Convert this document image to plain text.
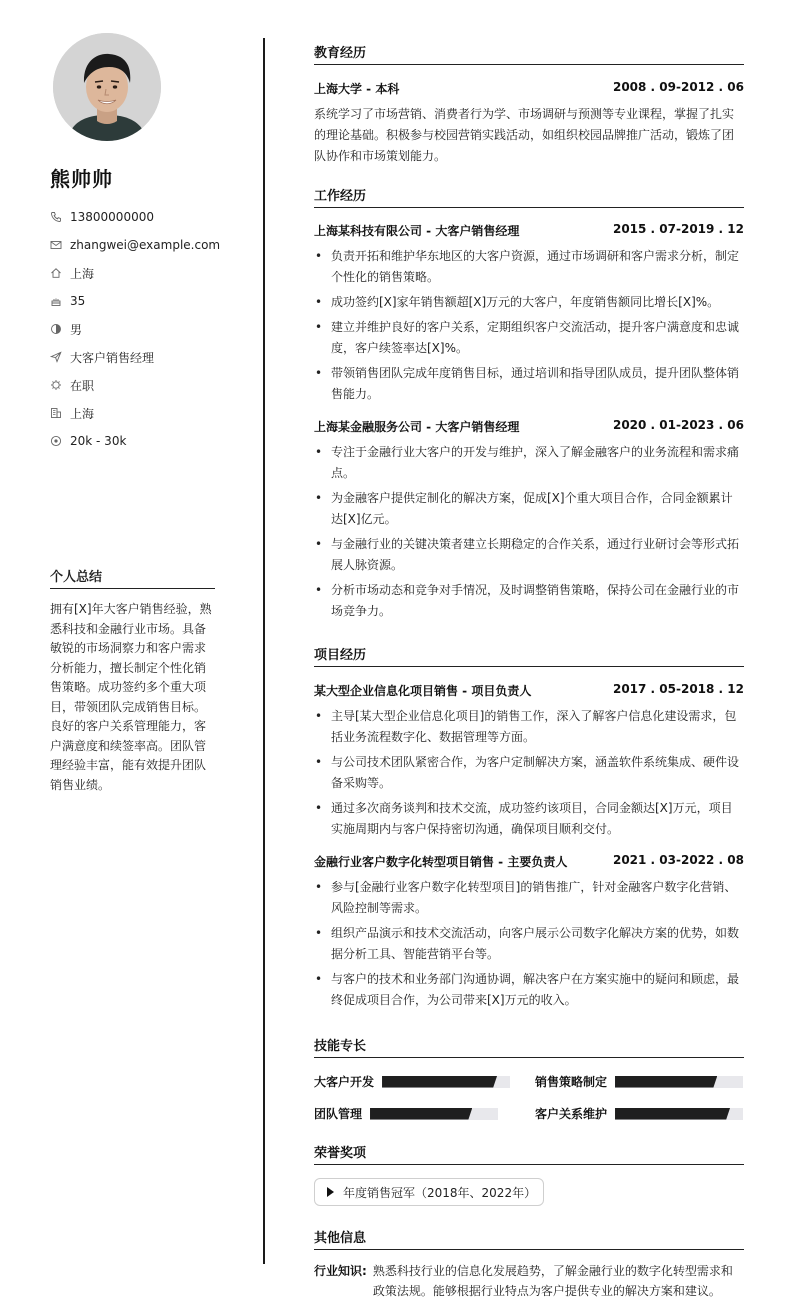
熊帅帅
13800000000
zhangwei@example.com
上海
35
男
大客户销售经理
在职
上海
20k - 30k
个人总结
拥有[X]年大客户销售经验，熟悉科技和金融行业市场。具备敏锐的市场洞察力和客户需求分析能力，擅长制定个性化销售策略。成功签约多个重大项目，带领团队完成销售目标。良好的客户关系管理能力，客户满意度和续签率高。团队管理经验丰富，能有效提升团队销售业绩。
教育经历
上海大学 - 本科	2008 . 09-2012 . 06
系统学习了市场营销、消费者行为学、市场调研与预测等专业课程，掌握了扎实的理论基础。积极参与校园营销实践活动，如组织校园品牌推广活动，锻炼了团队协作和市场策划能力。
工作经历
上海某科技有限公司 - 大客户销售经理	2015 . 07-2019 . 12
• 负责开拓和维护华东地区的大客户资源，通过市场调研和客户需求分析，制定个性化的销售策略。
• 成功签约[X]家年销售额超[X]万元的大客户，年度销售额同比增长[X]%。
• 建立并维护良好的客户关系，定期组织客户交流活动，提升客户满意度和忠诚度，客户续签率达[X]%。
• 带领销售团队完成年度销售目标，通过培训和指导团队成员，提升团队整体销售能力。
上海某金融服务公司 - 大客户销售经理	2020 . 01-2023 . 06
• 专注于金融行业大客户的开发与维护，深入了解金融客户的业务流程和需求痛点。
• 为金融客户提供定制化的解决方案，促成[X]个重大项目合作，合同金额累计达[X]亿元。
• 与金融行业的关键决策者建立长期稳定的合作关系，通过行业研讨会等形式拓展人脉资源。
• 分析市场动态和竞争对手情况，及时调整销售策略，保持公司在金融行业的市场竞争力。
项目经历
某大型企业信息化项目销售 - 项目负责人	2017 . 05-2018 . 12
• 主导[某大型企业信息化项目]的销售工作，深入了解客户信息化建设需求，包括业务流程数字化、数据管理等方面。
• 与公司技术团队紧密合作，为客户定制解决方案，涵盖软件系统集成、硬件设备采购等。
• 通过多次商务谈判和技术交流，成功签约该项目，合同金额达[X]万元，项目实施周期内与客户保持密切沟通，确保项目顺利交付。
金融行业客户数字化转型项目销售 - 主要负责人	2021 . 03-2022 . 08
• 参与[金融行业客户数字化转型项目]的销售推广，针对金融客户数字化营销、风险控制等需求。
• 组织产品演示和技术交流活动，向客户展示公司数字化解决方案的优势，如数据分析工具、智能营销平台等。
• 与客户的技术和业务部门沟通协调，解决客户在方案实施中的疑问和顾虑，最终促成项目合作，为公司带来[X]万元的收入。
技能专长
大客户开发	销售策略制定
团队管理	客户关系维护
荣誉奖项
年度销售冠军（2018年、2022年）
其他信息
行业知识: 熟悉科技行业的信息化发展趋势，了解金融行业的数字化转型需求和政策法规。能够根据行业特点为客户提供专业的解决方案和建议。
